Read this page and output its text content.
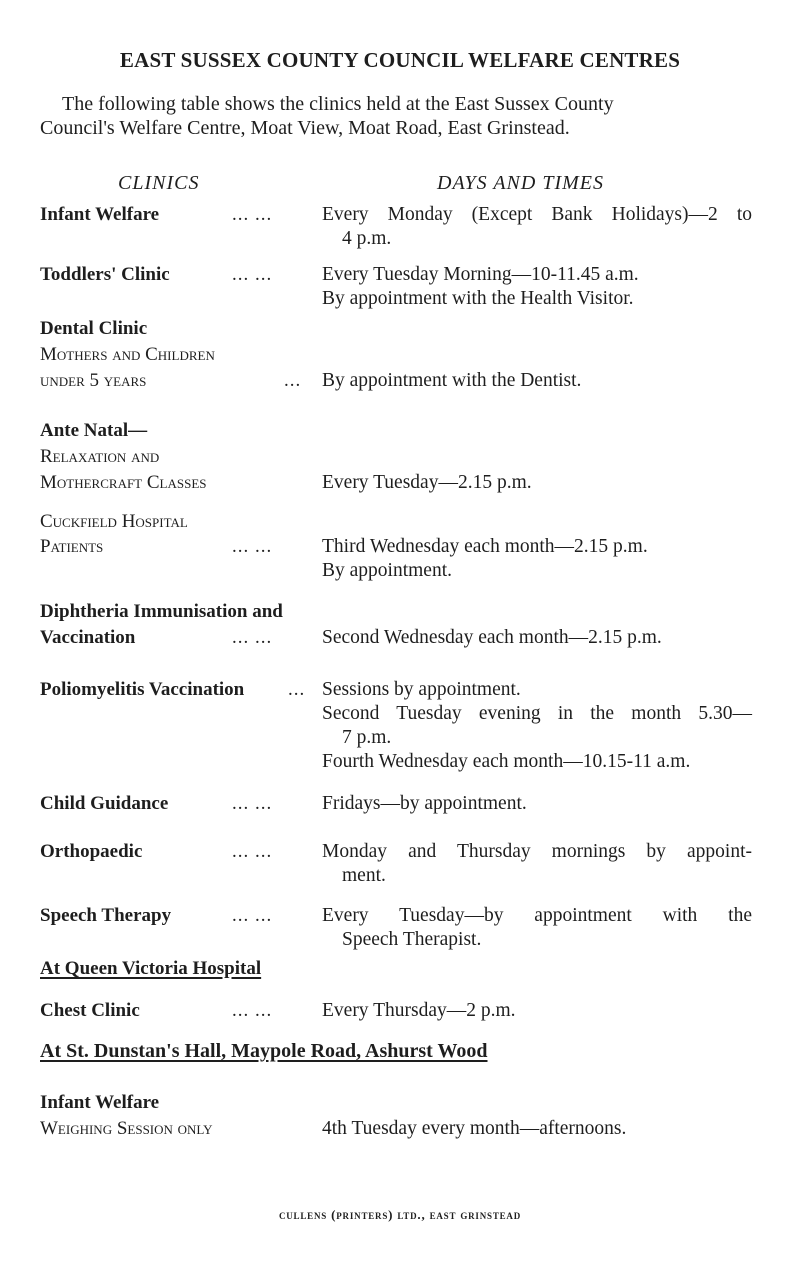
EAST SUSSEX COUNTY COUNCIL WELFARE CENTRES
The following table shows the clinics held at the East Sussex County
Council's Welfare Centre, Moat View, Moat Road, East Grinstead.
CLINICS	DAYS AND TIMES
Infant Welfare	... ...	Every Monday (Except Bank Holidays)—2 to
4 p.m.
Toddlers' Clinic	... ...	Every Tuesday Morning—10-11.45 a.m.
By appointment with the Health Visitor.
Dental Clinic
Mothers and Children
under 5 years	... By appointment with the Dentist.
Ante Natal—
Relaxation and
Mothercraft Classes	Every Tuesday—2.15 p.m.
Cuckfield Hospital
Patients	... ...	Third Wednesday each month—2.15 p.m.
By appointment.
Diphtheria Immunisation and
Vaccination	... ...	Second Wednesday each month—2.15 p.m.
Poliomyelitis Vaccination ... Sessions by appointment.
Second Tuesday evening in the month 5.30—
7 p.m.
Fourth Wednesday each month—10.15-11 a.m.
Child Guidance	... ...	Fridays—by appointment.
Orthopaedic	... ...	Monday and Thursday mornings by appoint-
ment.
Speech Therapy	... ...	Every Tuesday—by appointment with the
Speech Therapist.
At Queen Victoria Hospital
Chest Clinic	... ...	Every Thursday—2 p.m.
At St. Dunstan's Hall, Maypole Road, Ashurst Wood
Infant Welfare
Weighing Session only	4th Tuesday every month—afternoons.
cullens (printers) ltd., east grinstead
